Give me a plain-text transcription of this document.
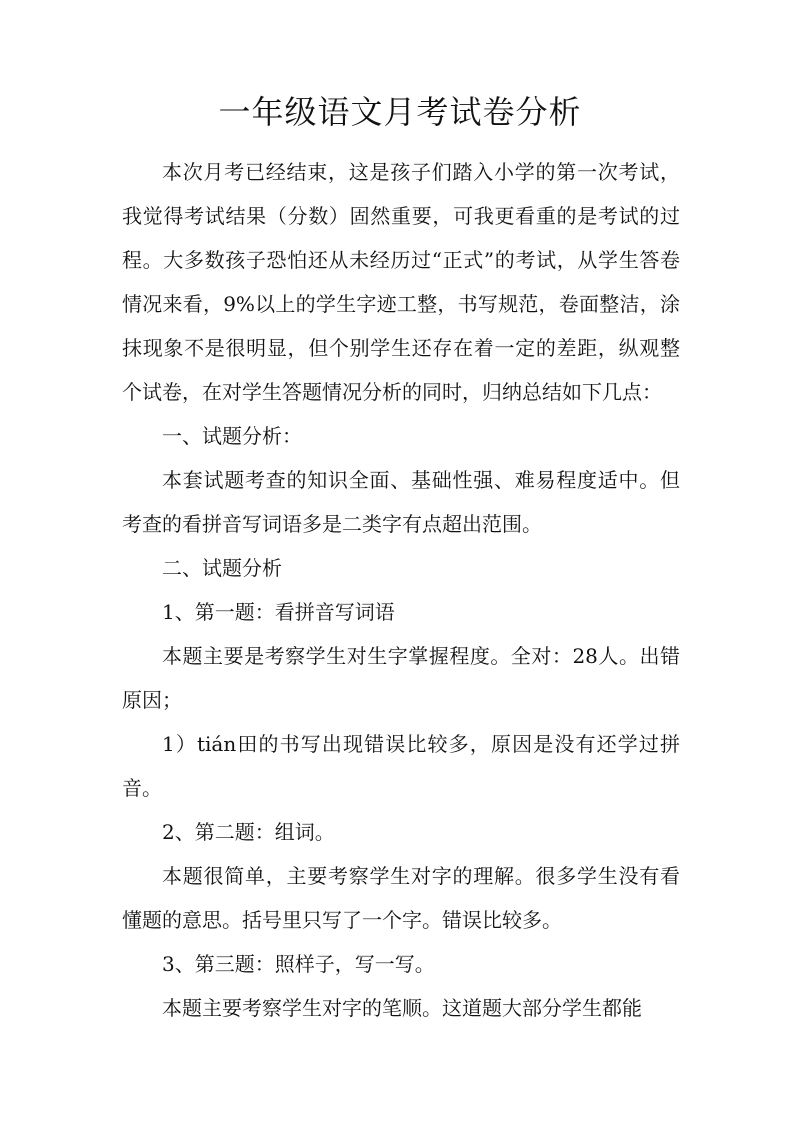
一年级语文月考试卷分析

本次月考已经结束，这是孩子们踏入小学的第一次考试，我觉得考试结果（分数）固然重要，可我更看重的是考试的过程。大多数孩子恐怕还从未经历过“正式”的考试，从学生答卷情况来看，9%以上的学生字迹工整，书写规范，卷面整洁，涂抹现象不是很明显，但个别学生还存在着一定的差距，纵观整个试卷，在对学生答题情况分析的同时，归纳总结如下几点：

一、试题分析：

本套试题考查的知识全面、基础性强、难易程度适中。但考查的看拼音写词语多是二类字有点超出范围。

二、试题分析

1、第一题：看拼音写词语

本题主要是考察学生对生字掌握程度。全对：28人。出错原因；

1）tián田的书写出现错误比较多，原因是没有还学过拼音。

2、第二题：组词。

本题很简单，主要考察学生对字的理解。很多学生没有看懂题的意思。括号里只写了一个字。错误比较多。

3、第三题：照样子，写一写。

本题主要考察学生对字的笔顺。这道题大部分学生都能
